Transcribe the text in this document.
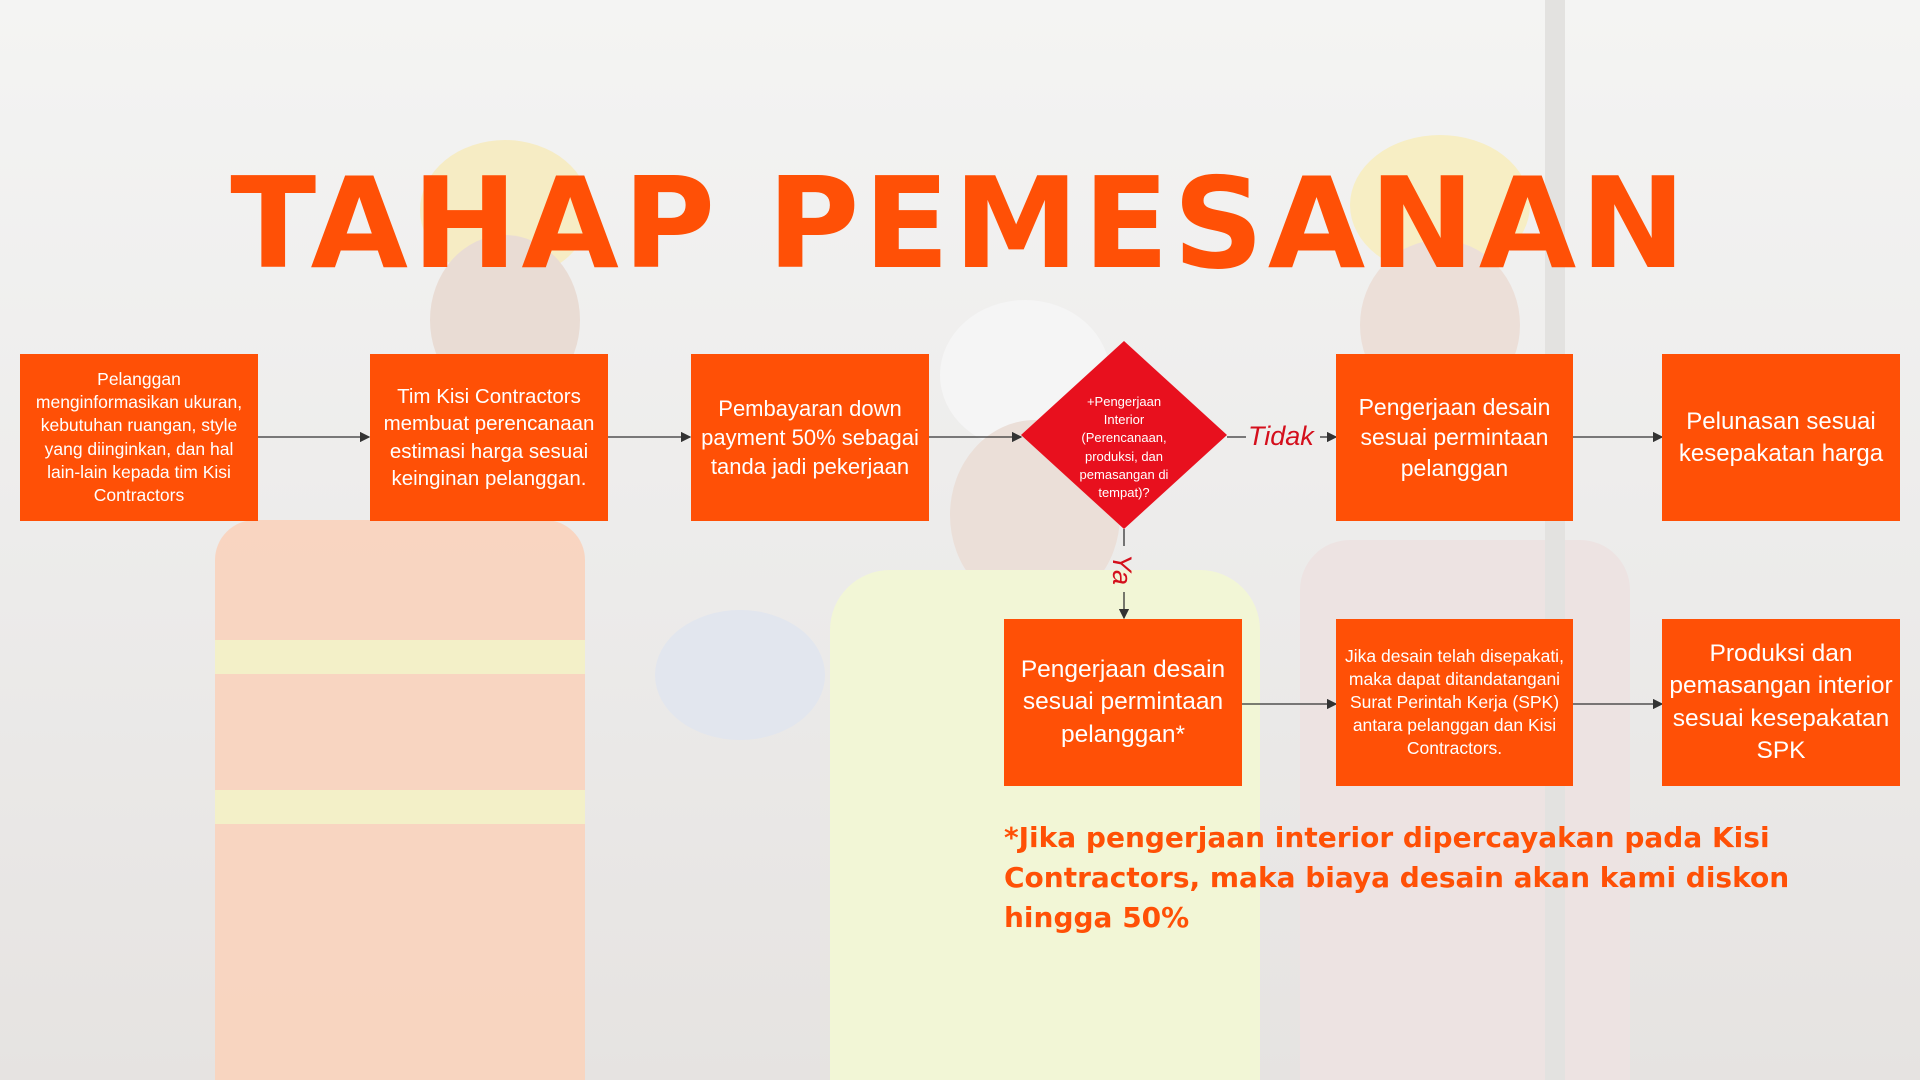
TAHAP PEMESANAN
Pelanggan menginformasikan ukuran, kebutuhan ruangan, style yang diinginkan, dan hal lain-lain kepada tim Kisi Contractors
Tim Kisi Contractors membuat perencanaan estimasi harga sesuai keinginan pelanggan.
Pembayaran down payment 50% sebagai tanda jadi pekerjaan
+Pengerjaan Interior (Perencanaan, produksi, dan pemasangan di tempat)?
Tidak
Ya
Pengerjaan desain sesuai permintaan pelanggan
Pelunasan sesuai kesepakatan harga
Pengerjaan desain sesuai permintaan pelanggan*
Jika desain telah disepakati, maka dapat ditandatangani Surat Perintah Kerja (SPK) antara pelanggan dan Kisi Contractors.
Produksi dan pemasangan interior sesuai kesepakatan SPK
*Jika pengerjaan interior dipercayakan pada Kisi Contractors, maka biaya desain akan kami diskon hingga 50%
